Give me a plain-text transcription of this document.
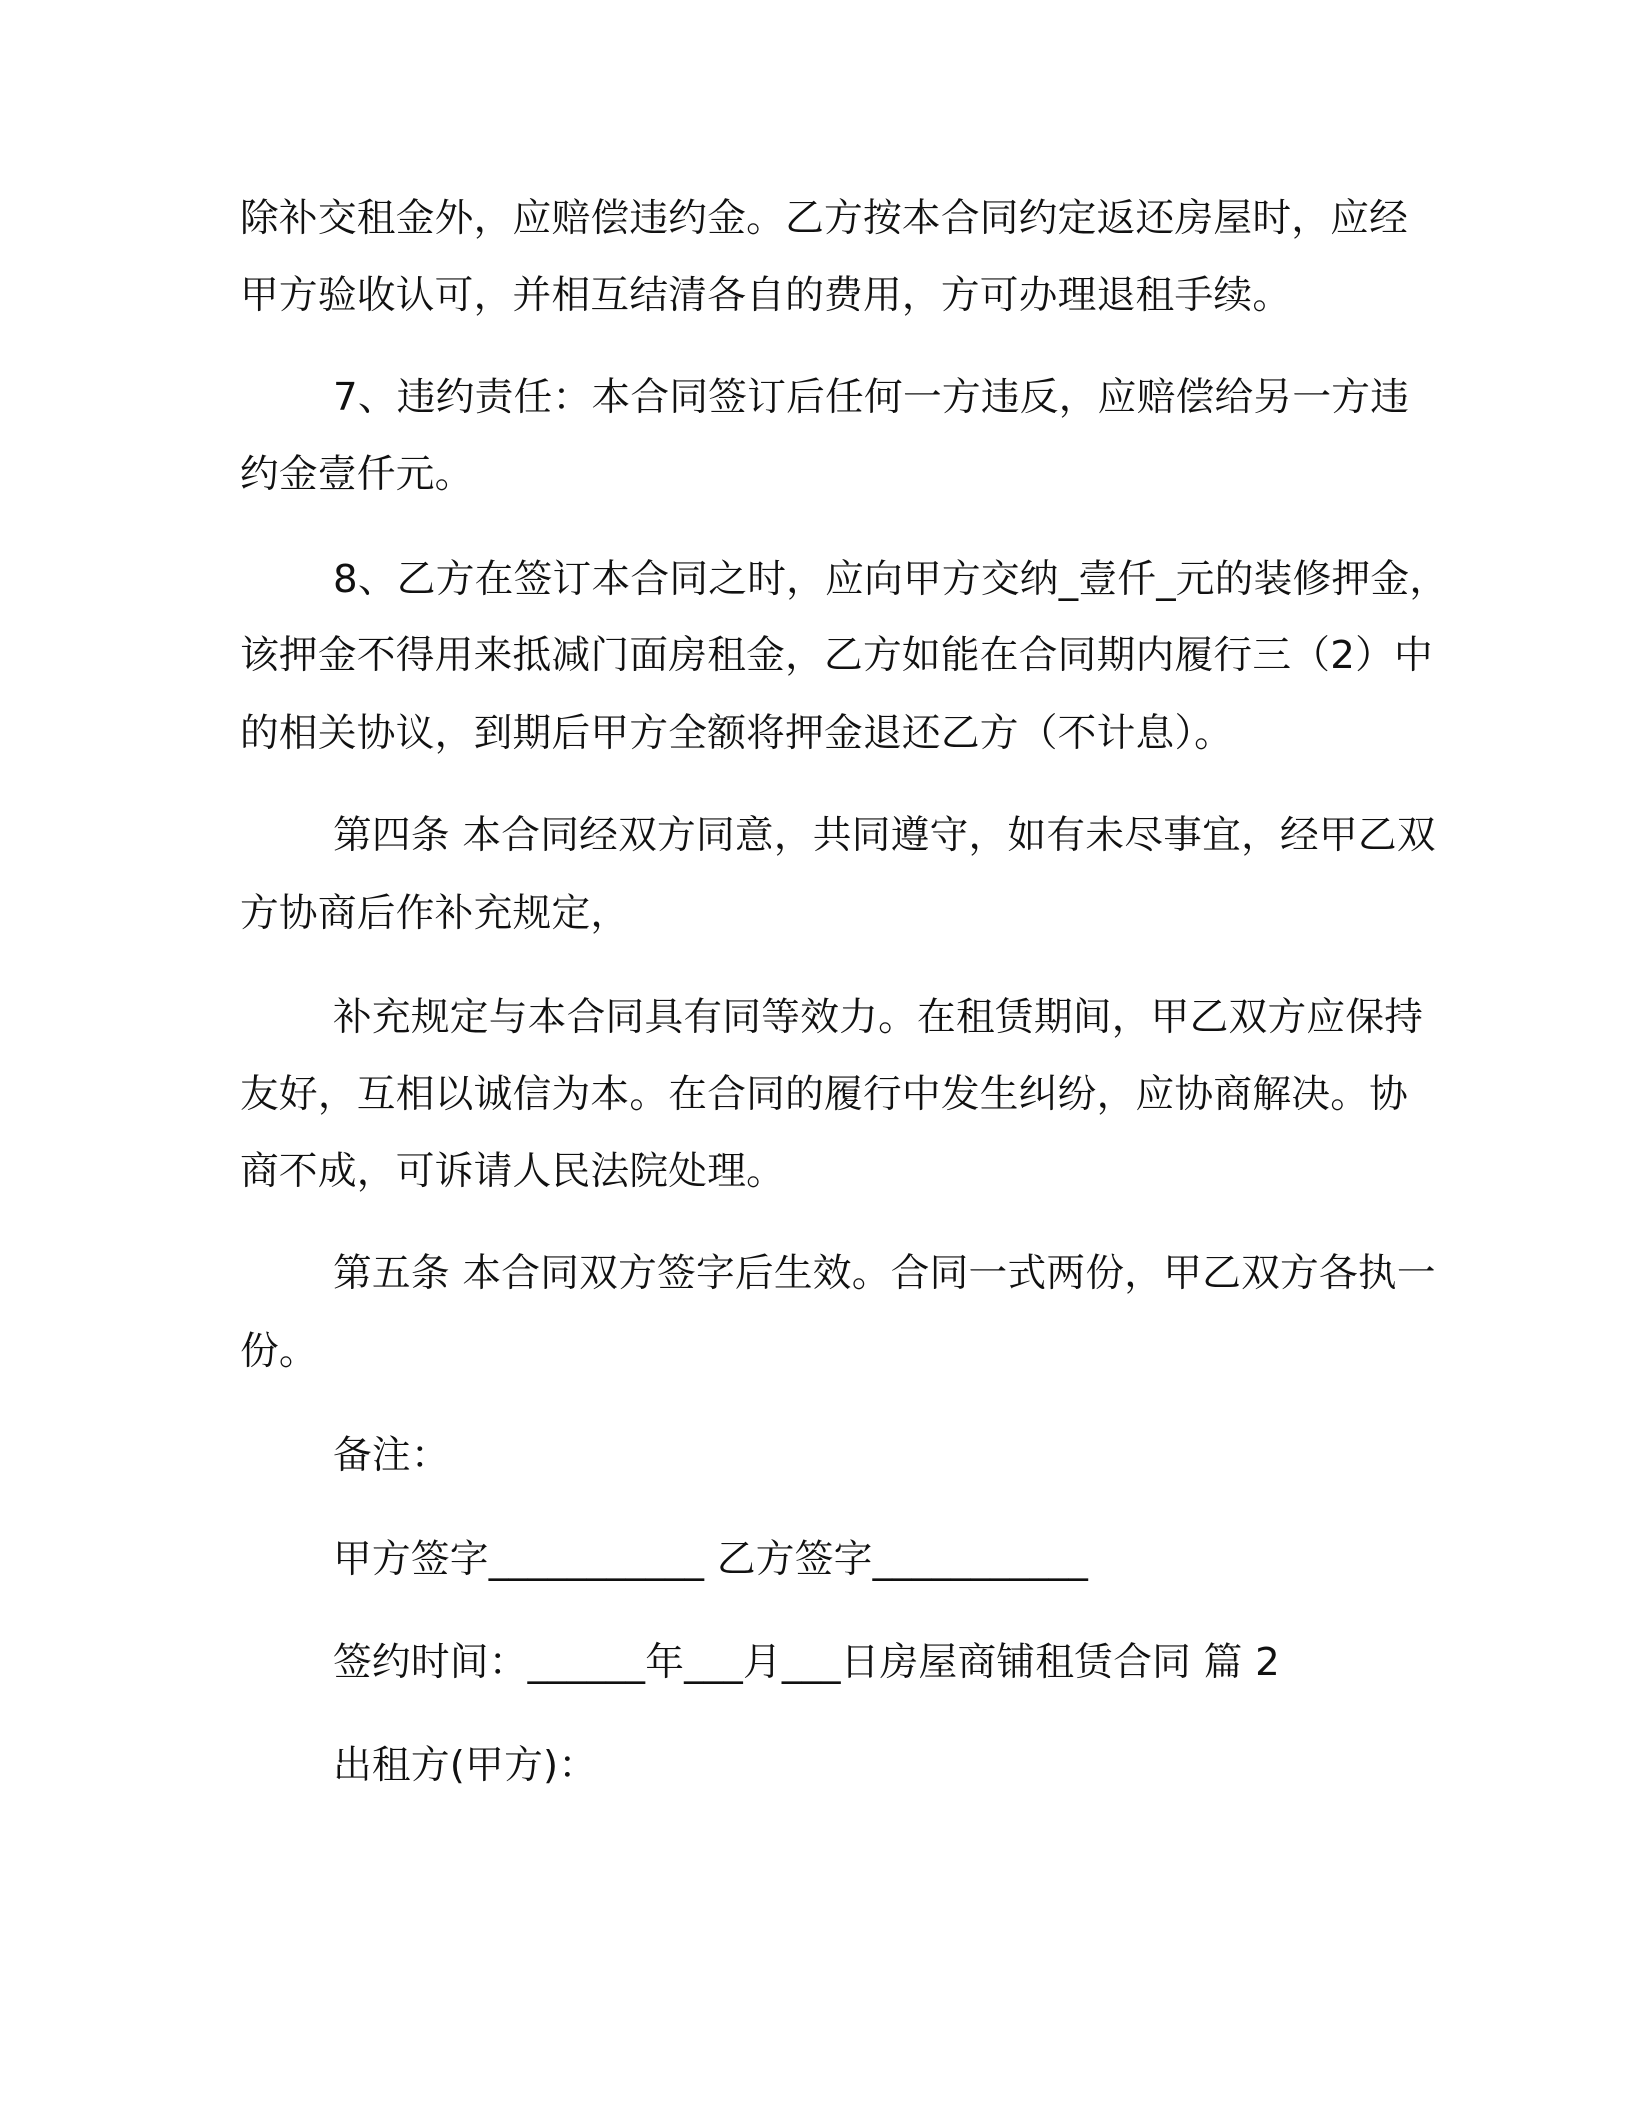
除补交租金外，应赔偿违约金。乙方按本合同约定返还房屋时，应经
甲方验收认可，并相互结清各自的费用，方可办理退租手续。
7、违约责任：本合同签订后任何一方违反，应赔偿给另一方违
约金壹仟元。
8、乙方在签订本合同之时，应向甲方交纳_壹仟_元的装修押金，
该押金不得用来抵减门面房租金，乙方如能在合同期内履行三（2）中
的相关协议，到期后甲方全额将押金退还乙方（不计息）。
第四条 本合同经双方同意，共同遵守，如有未尽事宜，经甲乙双
方协商后作补充规定，
补充规定与本合同具有同等效力。在租赁期间，甲乙双方应保持
友好，互相以诚信为本。在合同的履行中发生纠纷，应协商解决。协
商不成，可诉请人民法院处理。
第五条 本合同双方签字后生效。合同一式两份，甲乙双方各执一
份。
备注：
甲方签字___________ 乙方签字___________
签约时间：______年___月___日房屋商铺租赁合同 篇 2
出租方(甲方)：
